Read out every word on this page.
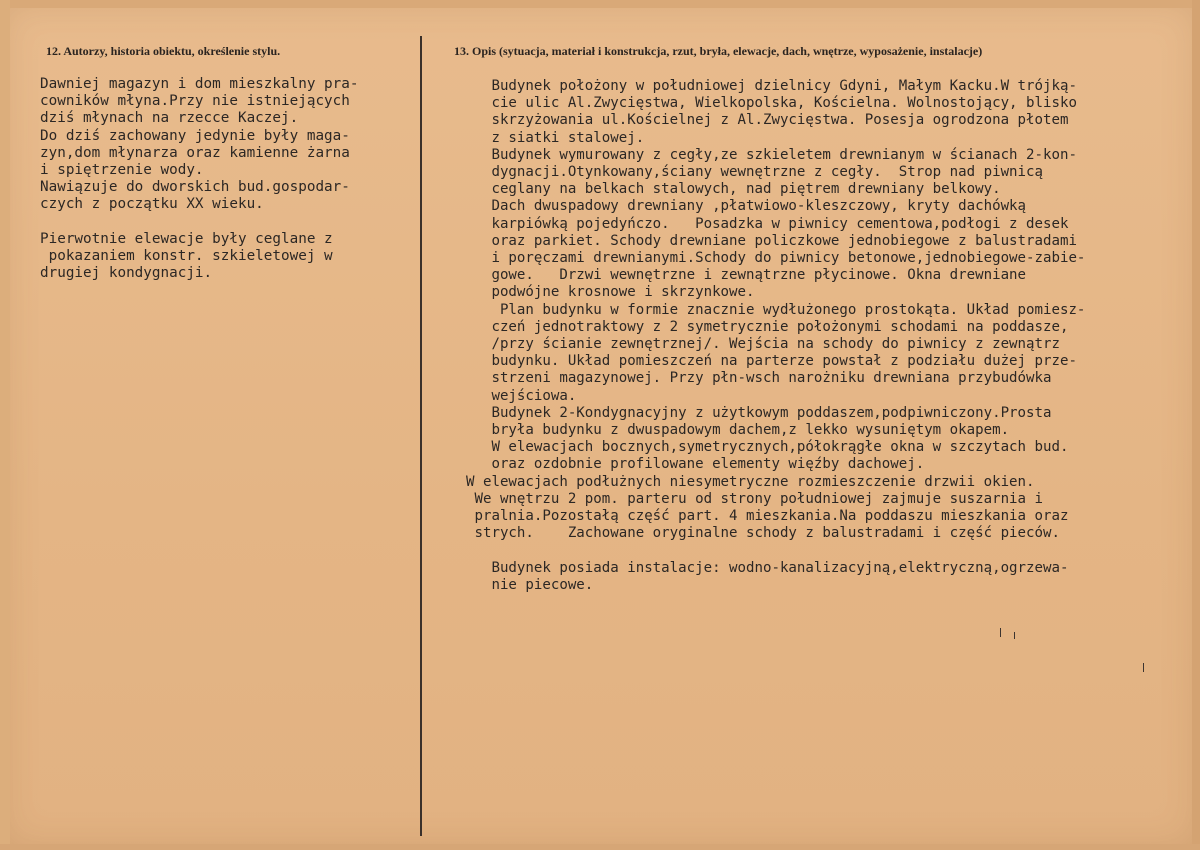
12. Autorzy, historia obiektu, określenie stylu.	13. Opis (sytuacja, materiał i konstrukcja, rzut, bryła, elewacje, dach, wnętrze, wyposażenie, instalacje)
Dawniej magazyn i dom mieszkalny pra-
cowników młyna.Przy nie istniejących
dziś młynach na rzecce Kaczej.
Do dziś zachowany jedynie były maga-
zyn,dom młynarza oraz kamienne żarna
i spiętrzenie wody.
Nawiązuje do dworskich bud.gospodar-
czych z początku XX wieku.

Pierwotnie elewacje były ceglane z
pokazaniem konstr. szkieletowej w
drugiej kondygnacji.
Budynek położony w południowej dzielnicy Gdyni, Małym Kacku.W trójką-
cie ulic Al.Zwycięstwa, Wielkopolska, Kościelna. Wolnostojący, blisko
skrzyżowania ul.Kościelnej z Al.Zwycięstwa. Posesja ogrodzona płotem
z siatki stalowej.
Budynek wymurowany z cegły,ze szkieletem drewnianym w ścianach 2-kon-
dygnacji.Otynkowany,ściany wewnętrzne z cegły.  Strop nad piwnicą
ceglany na belkach stalowych, nad piętrem drewniany belkowy.
Dach dwuspadowy drewniany ,płatwiowo-kleszczowy, kryty dachówką
karpiówką pojedyńczo.   Posadzka w piwnicy cementowa,podłogi z desek
oraz parkiet. Schody drewniane policzkowe jednobiegowe z balustradami
i poręczami drewnianymi.Schody do piwnicy betonowe,jednobiegowe-zabie-
gowe.   Drzwi wewnętrzne i zewnątrzne płycinowe. Okna drewniane
podwójne krosnowe i skrzynkowe.
Plan budynku w formie znacznie wydłużonego prostokąta. Układ pomiesz-
czeń jednotraktowy z 2 symetrycznie położonymi schodami na poddasze,
/przy ścianie zewnętrznej/. Wejścia na schody do piwnicy z zewnątrz
budynku. Układ pomieszczeń na parterze powstał z podziału dużej prze-
strzeni magazynowej. Przy płn-wsch narożniku drewniana przybudówka
wejściowa.
Budynek 2-Kondygnacyjny z użytkowym poddaszem,podpiwniczony.Prosta
bryła budynku z dwuspadowym dachem,z lekko wysuniętym okapem.
W elewacjach bocznych,symetrycznych,półokrągłe okna w szczytach bud.
oraz ozdobnie profilowane elementy więźby dachowej.
W elewacjach podłużnych niesymetryczne rozmieszczenie drzwii okien.
We wnętrzu 2 pom. parteru od strony południowej zajmuje suszarnia i
pralnia.Pozostałą część part. 4 mieszkania.Na poddaszu mieszkania oraz
strych.    Zachowane oryginalne schody z balustradami i część pieców.

Budynek posiada instalacje: wodno-kanalizacyjną,elektryczną,ogrzewa-
nie piecowe.
